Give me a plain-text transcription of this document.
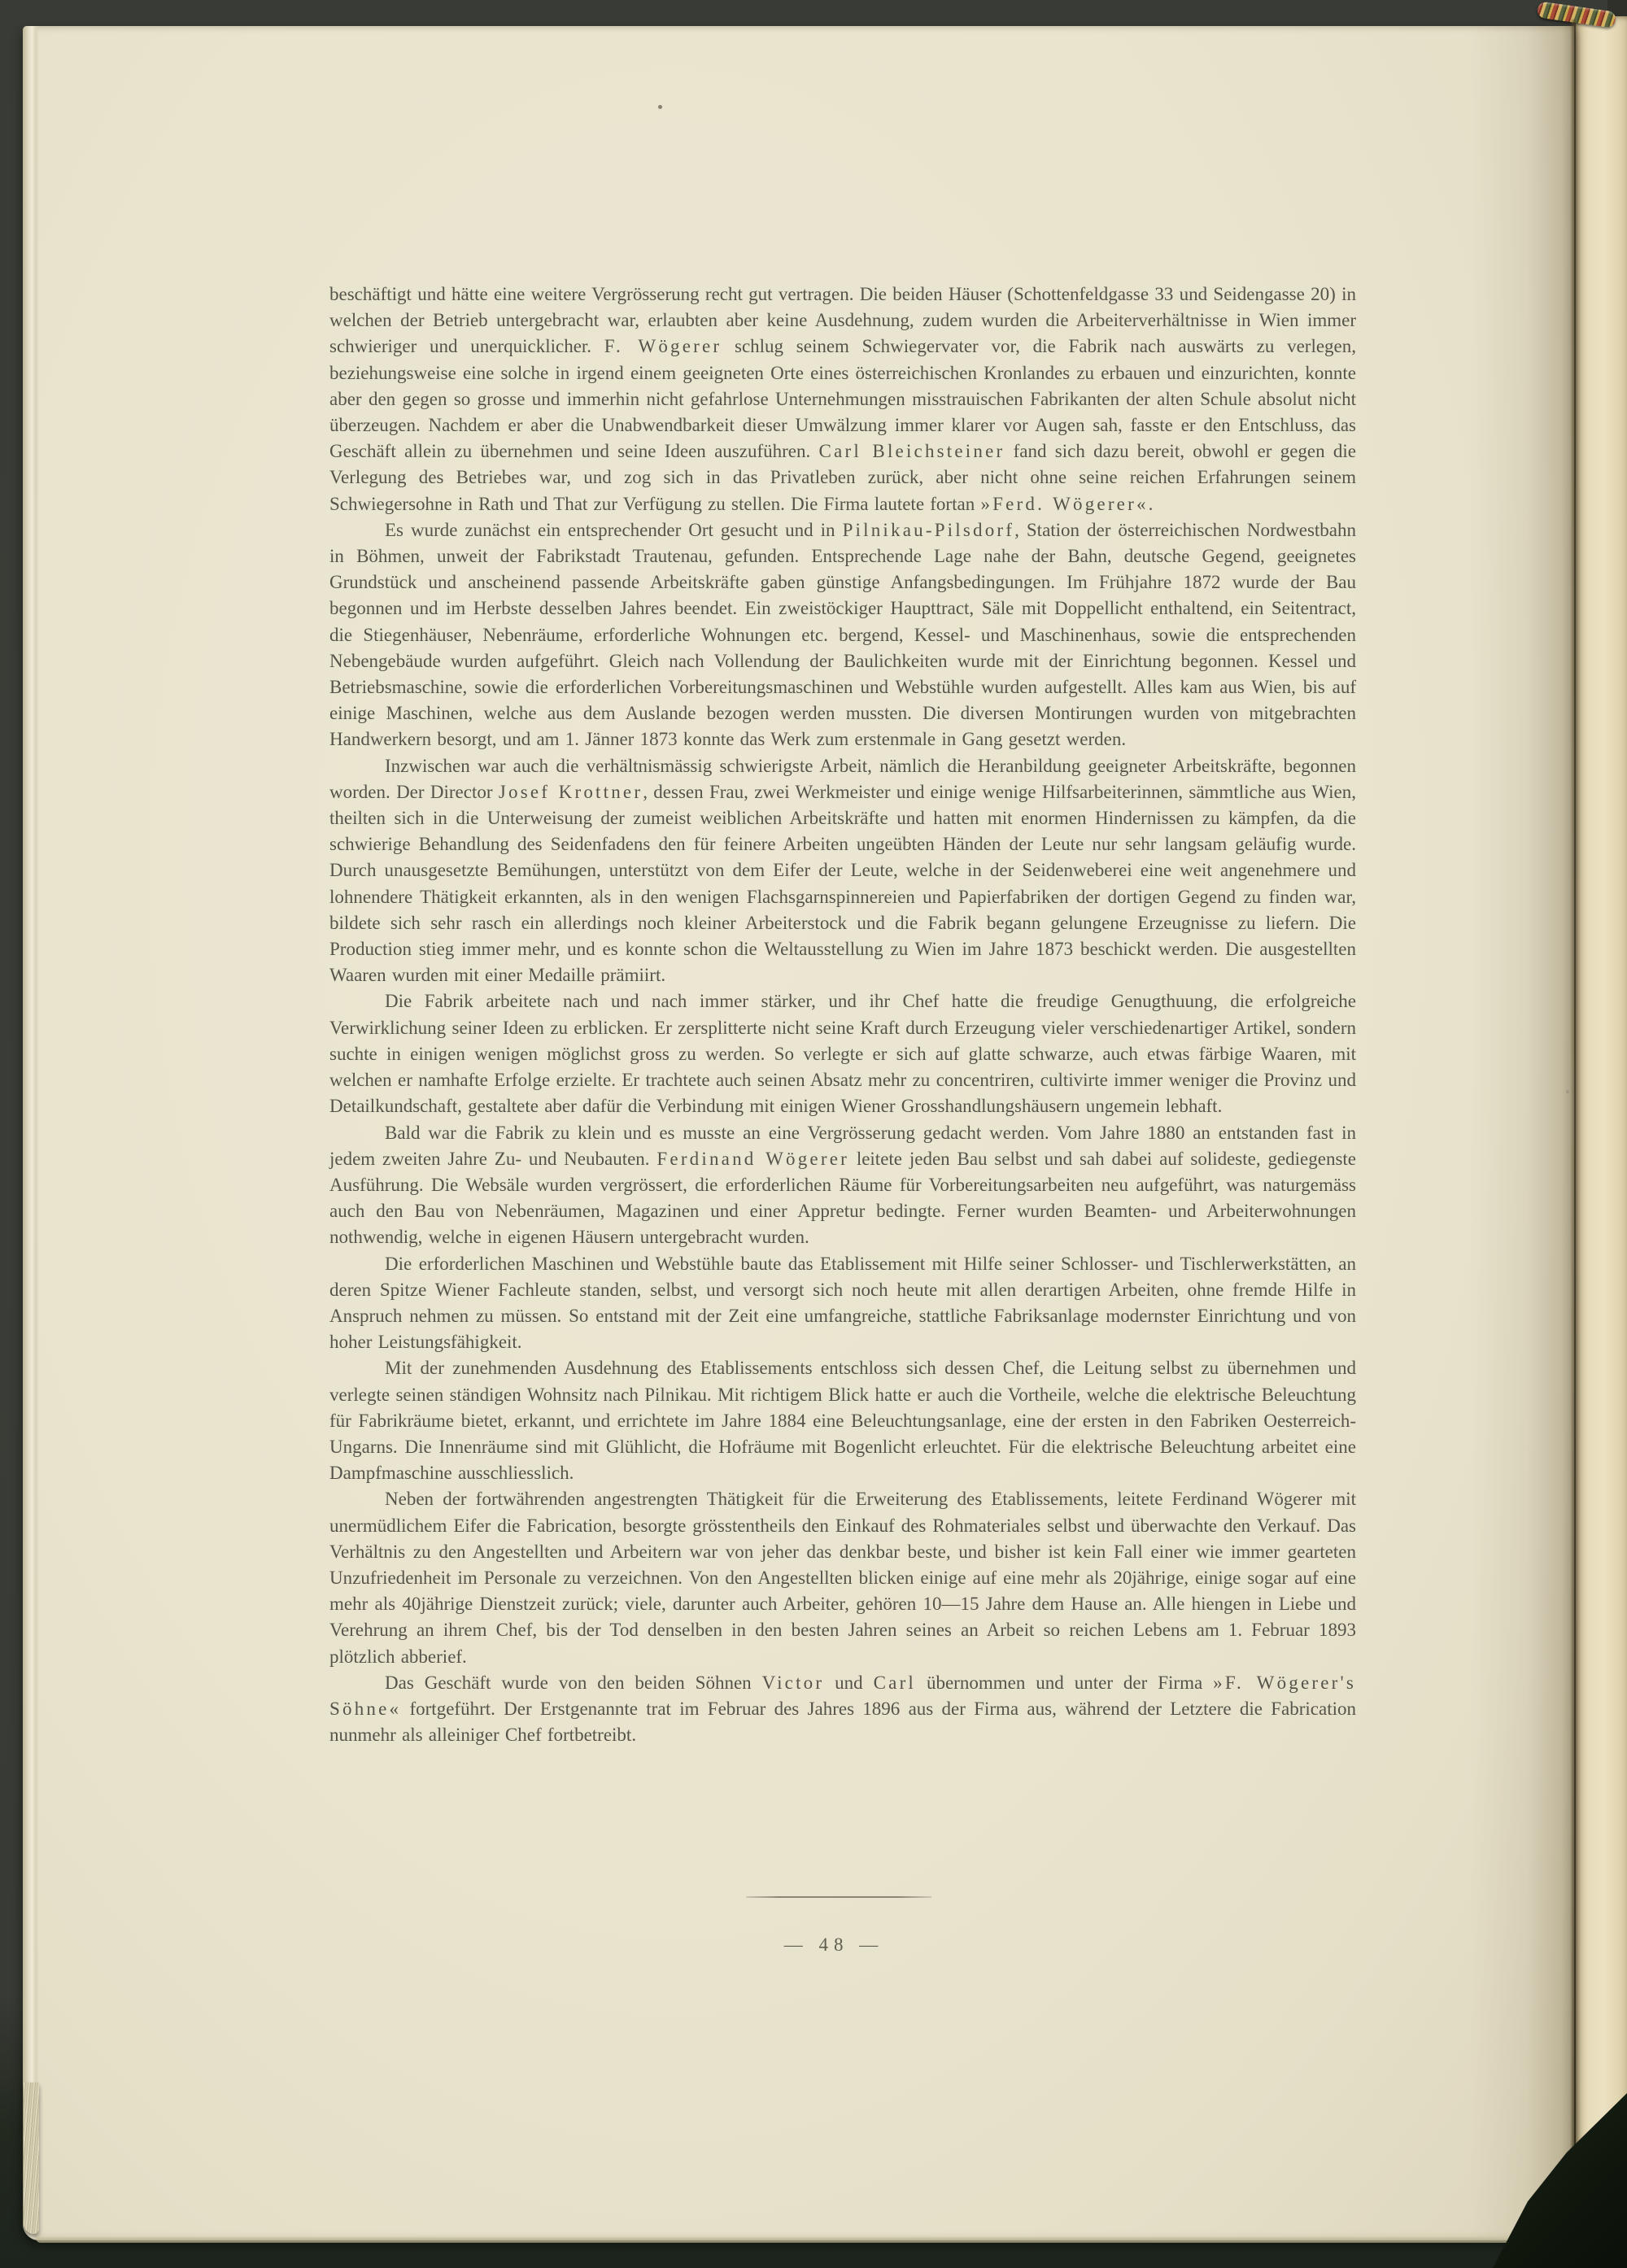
beschäftigt und hätte eine weitere Vergrösserung recht gut vertragen. Die beiden Häuser (Schottenfeldgasse 33 und Seidengasse 20) in welchen der Betrieb untergebracht war, erlaubten aber keine Ausdehnung, zudem wurden die Arbeiterverhältnisse in Wien immer schwieriger und unerquicklicher. F. Wögerer schlug seinem Schwiegervater vor, die Fabrik nach auswärts zu verlegen, beziehungsweise eine solche in irgend einem geeigneten Orte eines österreichischen Kronlandes zu erbauen und einzurichten, konnte aber den gegen so grosse und immerhin nicht gefahrlose Unternehmungen misstrauischen Fabrikanten der alten Schule absolut nicht überzeugen. Nachdem er aber die Unabwendbarkeit dieser Umwälzung immer klarer vor Augen sah, fasste er den Entschluss, das Geschäft allein zu übernehmen und seine Ideen auszuführen. Carl Bleichsteiner fand sich dazu bereit, obwohl er gegen die Verlegung des Betriebes war, und zog sich in das Privatleben zurück, aber nicht ohne seine reichen Erfahrungen seinem Schwiegersohne in Rath und That zur Verfügung zu stellen. Die Firma lautete fortan »Ferd. Wögerer«.

Es wurde zunächst ein entsprechender Ort gesucht und in Pilnikau-Pilsdorf, Station der österreichischen Nordwestbahn in Böhmen, unweit der Fabrikstadt Trautenau, gefunden. Entsprechende Lage nahe der Bahn, deutsche Gegend, geeignetes Grundstück und anscheinend passende Arbeitskräfte gaben günstige Anfangsbedingungen. Im Frühjahre 1872 wurde der Bau begonnen und im Herbste desselben Jahres beendet. Ein zweistöckiger Haupttract, Säle mit Doppellicht enthaltend, ein Seitentract, die Stiegenhäuser, Nebenräume, erforderliche Wohnungen etc. bergend, Kessel- und Maschinenhaus, sowie die entsprechenden Nebengebäude wurden aufgeführt. Gleich nach Vollendung der Baulichkeiten wurde mit der Einrichtung begonnen. Kessel und Betriebsmaschine, sowie die erforderlichen Vorbereitungsmaschinen und Webstühle wurden aufgestellt. Alles kam aus Wien, bis auf einige Maschinen, welche aus dem Auslande bezogen werden mussten. Die diversen Montirungen wurden von mitgebrachten Handwerkern besorgt, und am 1. Jänner 1873 konnte das Werk zum erstenmale in Gang gesetzt werden.

Inzwischen war auch die verhältnismässig schwierigste Arbeit, nämlich die Heranbildung geeigneter Arbeitskräfte, begonnen worden. Der Director Josef Krottner, dessen Frau, zwei Werkmeister und einige wenige Hilfsarbeiterinnen, sämmtliche aus Wien, theilten sich in die Unterweisung der zumeist weiblichen Arbeitskräfte und hatten mit enormen Hindernissen zu kämpfen, da die schwierige Behandlung des Seidenfadens den für feinere Arbeiten ungeübten Händen der Leute nur sehr langsam geläufig wurde. Durch unausgesetzte Bemühungen, unterstützt von dem Eifer der Leute, welche in der Seidenweberei eine weit angenehmere und lohnendere Thätigkeit erkannten, als in den wenigen Flachsgarnspinnereien und Papierfabriken der dortigen Gegend zu finden war, bildete sich sehr rasch ein allerdings noch kleiner Arbeiterstock und die Fabrik begann gelungene Erzeugnisse zu liefern. Die Production stieg immer mehr, und es konnte schon die Weltausstellung zu Wien im Jahre 1873 beschickt werden. Die ausgestellten Waaren wurden mit einer Medaille prämiirt.

Die Fabrik arbeitete nach und nach immer stärker, und ihr Chef hatte die freudige Genugthuung, die erfolgreiche Verwirklichung seiner Ideen zu erblicken. Er zersplitterte nicht seine Kraft durch Erzeugung vieler verschiedenartiger Artikel, sondern suchte in einigen wenigen möglichst gross zu werden. So verlegte er sich auf glatte schwarze, auch etwas färbige Waaren, mit welchen er namhafte Erfolge erzielte. Er trachtete auch seinen Absatz mehr zu concentriren, cultivirte immer weniger die Provinz und Detailkundschaft, gestaltete aber dafür die Verbindung mit einigen Wiener Grosshandlungshäusern ungemein lebhaft.

Bald war die Fabrik zu klein und es musste an eine Vergrösserung gedacht werden. Vom Jahre 1880 an entstanden fast in jedem zweiten Jahre Zu- und Neubauten. Ferdinand Wögerer leitete jeden Bau selbst und sah dabei auf solideste, gediegenste Ausführung. Die Websäle wurden vergrössert, die erforderlichen Räume für Vorbereitungsarbeiten neu aufgeführt, was naturgemäss auch den Bau von Nebenräumen, Magazinen und einer Appretur bedingte. Ferner wurden Beamten- und Arbeiterwohnungen nothwendig, welche in eigenen Häusern untergebracht wurden.

Die erforderlichen Maschinen und Webstühle baute das Etablissement mit Hilfe seiner Schlosser- und Tischlerwerkstätten, an deren Spitze Wiener Fachleute standen, selbst, und versorgt sich noch heute mit allen derartigen Arbeiten, ohne fremde Hilfe in Anspruch nehmen zu müssen. So entstand mit der Zeit eine umfangreiche, stattliche Fabriksanlage modernster Einrichtung und von hoher Leistungsfähigkeit.

Mit der zunehmenden Ausdehnung des Etablissements entschloss sich dessen Chef, die Leitung selbst zu übernehmen und verlegte seinen ständigen Wohnsitz nach Pilnikau. Mit richtigem Blick hatte er auch die Vortheile, welche die elektrische Beleuchtung für Fabrikräume bietet, erkannt, und errichtete im Jahre 1884 eine Beleuchtungsanlage, eine der ersten in den Fabriken Oesterreich-Ungarns. Die Innenräume sind mit Glühlicht, die Hofräume mit Bogenlicht erleuchtet. Für die elektrische Beleuchtung arbeitet eine Dampfmaschine ausschliesslich.

Neben der fortwährenden angestrengten Thätigkeit für die Erweiterung des Etablissements, leitete Ferdinand Wögerer mit unermüdlichem Eifer die Fabrication, besorgte grösstentheils den Einkauf des Rohmateriales selbst und überwachte den Verkauf. Das Verhältnis zu den Angestellten und Arbeitern war von jeher das denkbar beste, und bisher ist kein Fall einer wie immer gearteten Unzufriedenheit im Personale zu verzeichnen. Von den Angestellten blicken einige auf eine mehr als 20jährige, einige sogar auf eine mehr als 40jährige Dienstzeit zurück; viele, darunter auch Arbeiter, gehören 10—15 Jahre dem Hause an. Alle hiengen in Liebe und Verehrung an ihrem Chef, bis der Tod denselben in den besten Jahren seines an Arbeit so reichen Lebens am 1. Februar 1893 plötzlich abberief.

Das Geschäft wurde von den beiden Söhnen Victor und Carl übernommen und unter der Firma »F. Wögerer's Söhne« fortgeführt. Der Erstgenannte trat im Februar des Jahres 1896 aus der Firma aus, während der Letztere die Fabrication nunmehr als alleiniger Chef fortbetreibt.

— 48 —
